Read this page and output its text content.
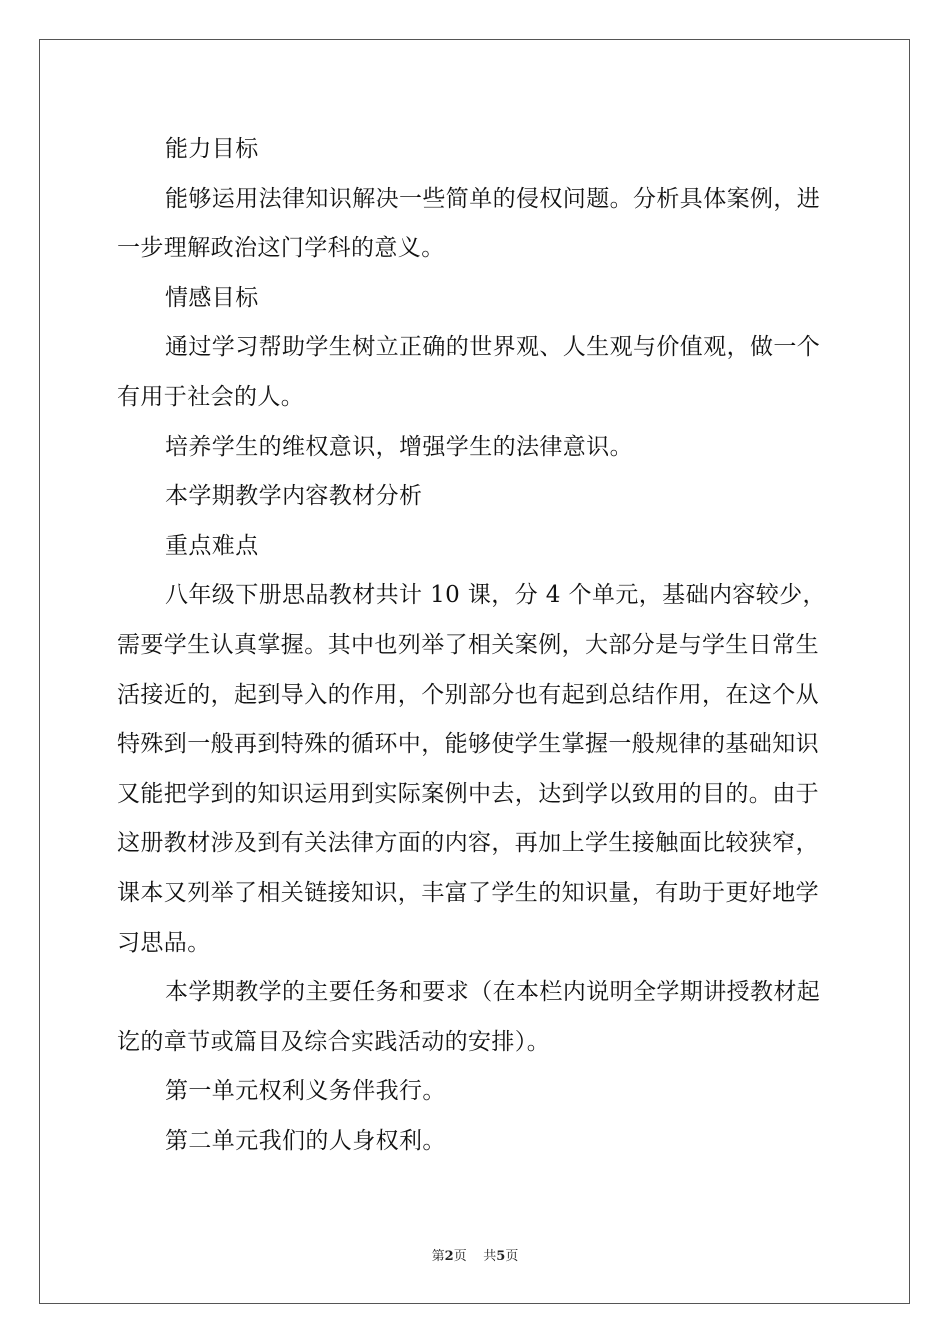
能力目标
能够运用法律知识解决一些简单的侵权问题。分析具体案例，进
一步理解政治这门学科的意义。
情感目标
通过学习帮助学生树立正确的世界观、人生观与价值观，做一个
有用于社会的人。
培养学生的维权意识，增强学生的法律意识。
本学期教学内容教材分析
重点难点
八年级下册思品教材共计 10 课，分 4 个单元，基础内容较少，
需要学生认真掌握。其中也列举了相关案例，大部分是与学生日常生
活接近的，起到导入的作用，个别部分也有起到总结作用，在这个从
特殊到一般再到特殊的循环中，能够使学生掌握一般规律的基础知识
又能把学到的知识运用到实际案例中去，达到学以致用的目的。由于
这册教材涉及到有关法律方面的内容，再加上学生接触面比较狭窄，
课本又列举了相关链接知识，丰富了学生的知识量，有助于更好地学
习思品。
本学期教学的主要任务和要求（在本栏内说明全学期讲授教材起
讫的章节或篇目及综合实践活动的安排）。
第一单元权利义务伴我行。
第二单元我们的人身权利。
第2页 共5页
